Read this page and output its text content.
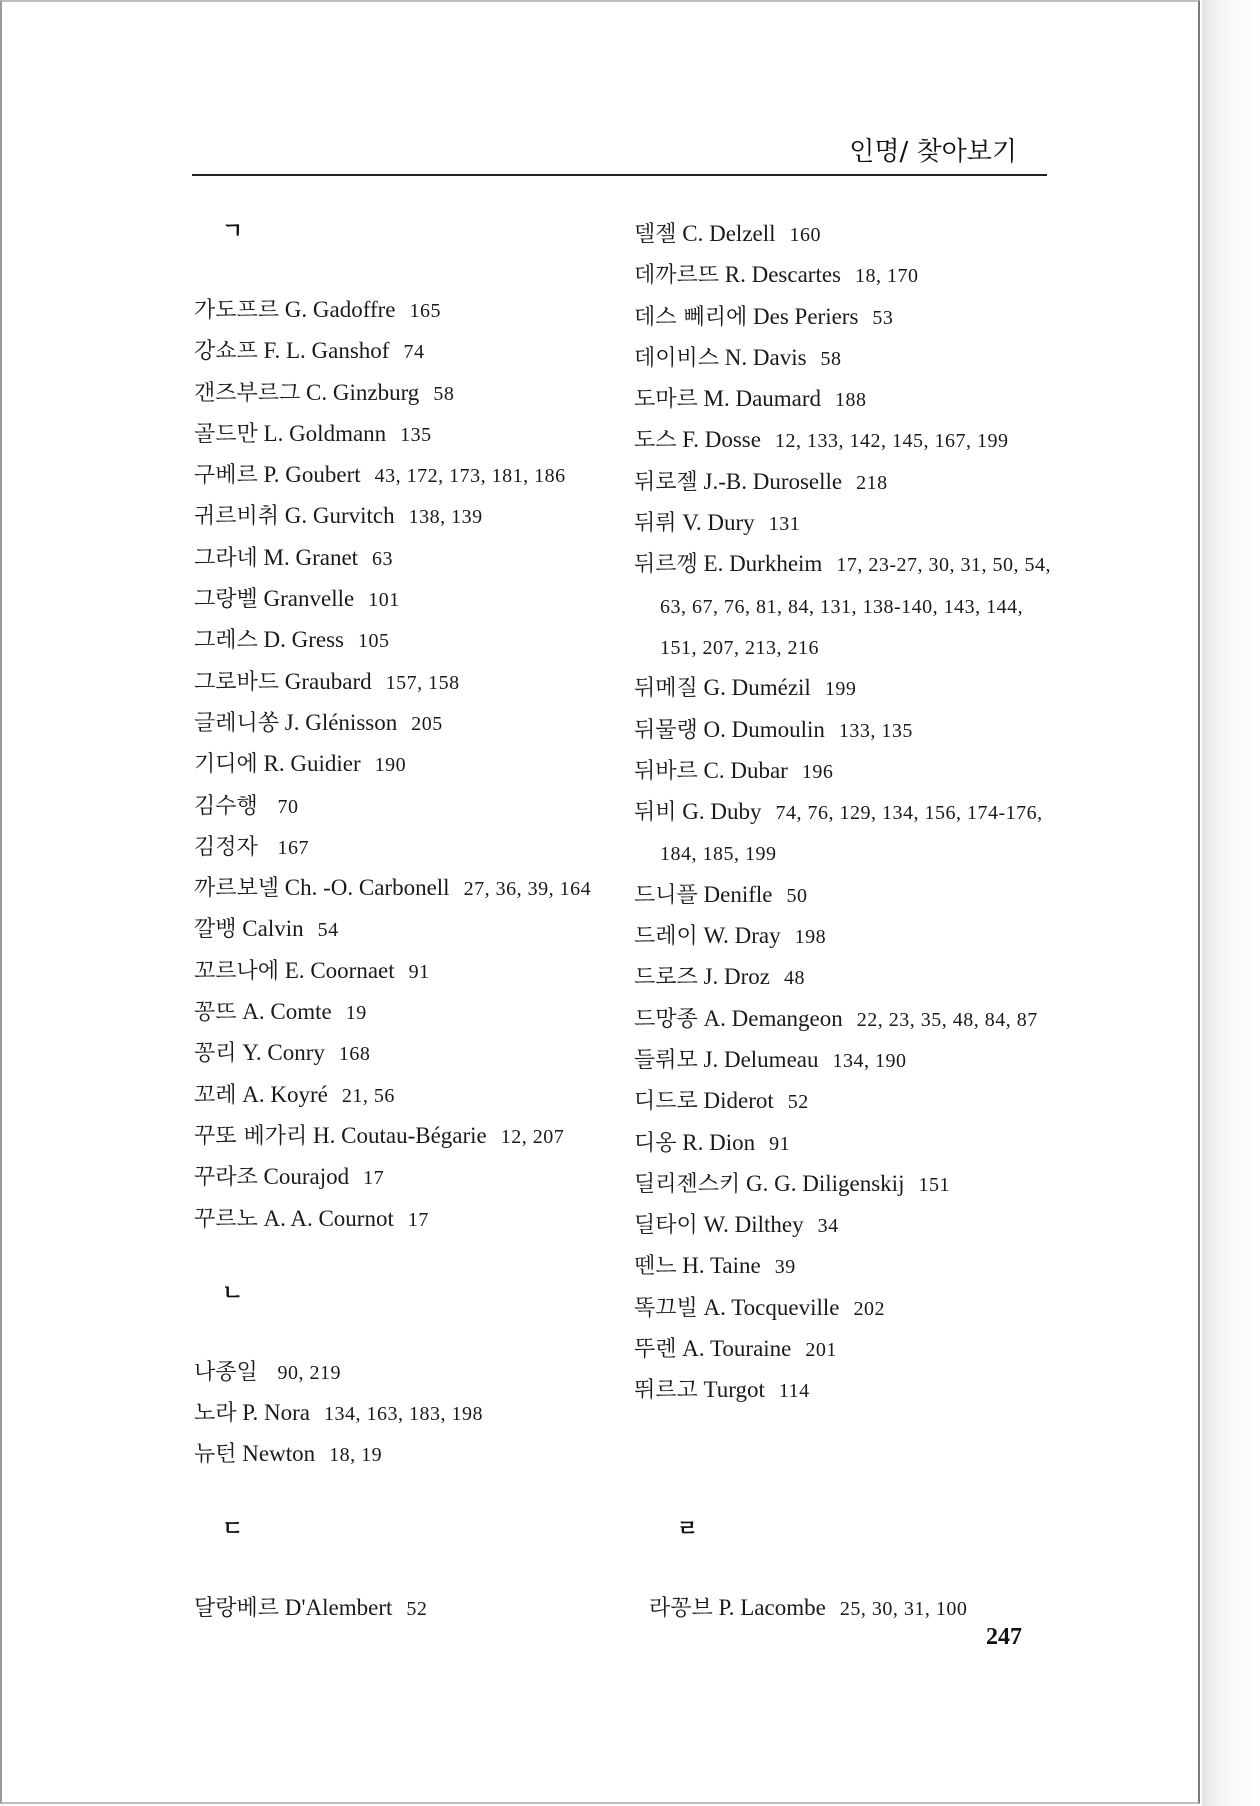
인명/ 찾아보기
ㄱ
가도프르 G. Gadoffre 165
강쇼프 F. L. Ganshof 74
갠즈부르그 C. Ginzburg 58
골드만 L. Goldmann 135
구베르 P. Goubert 43, 172, 173, 181, 186
귀르비취 G. Gurvitch 138, 139
그라네 M. Granet 63
그랑벨 Granvelle 101
그레스 D. Gress 105
그로바드 Graubard 157, 158
글레니쏭 J. Glénisson 205
기디에 R. Guidier 190
김수행 70
김정자 167
까르보넬 Ch. -O. Carbonell 27, 36, 39, 164
깔뱅 Calvin 54
꼬르나에 E. Coornaet 91
꽁뜨 A. Comte 19
꽁리 Y. Conry 168
꼬레 A. Koyré 21, 56
꾸또 베가리 H. Coutau-Bégarie 12, 207
꾸라조 Courajod 17
꾸르노 A. A. Cournot 17
ㄴ
나종일 90, 219
노라 P. Nora 134, 163, 183, 198
뉴턴 Newton 18, 19
델젤 C. Delzell 160
데까르뜨 R. Descartes 18, 170
데스 뻬리에 Des Periers 53
데이비스 N. Davis 58
도마르 M. Daumard 188
도스 F. Dosse 12, 133, 142, 145, 167, 199
뒤로젤 J.-B. Duroselle 218
뒤뤼 V. Dury 131
뒤르껭 E. Durkheim 17, 23-27, 30, 31, 50, 54, 63, 67, 76, 81, 84, 131, 138-140, 143, 144, 151, 207, 213, 216
뒤메질 G. Dumézil 199
뒤물랭 O. Dumoulin 133, 135
뒤바르 C. Dubar 196
뒤비 G. Duby 74, 76, 129, 134, 156, 174-176, 184, 185, 199
드니플 Denifle 50
드레이 W. Dray 198
드로즈 J. Droz 48
드망종 A. Demangeon 22, 23, 35, 48, 84, 87
들뤼모 J. Delumeau 134, 190
디드로 Diderot 52
디옹 R. Dion 91
딜리젠스키 G. G. Diligenskij 151
딜타이 W. Dilthey 34
뗀느 H. Taine 39
똑끄빌 A. Tocqueville 202
뚜렌 A. Touraine 201
뛰르고 Turgot 114
ㄷ
달랑베르 D'Alembert 52
ㄹ
라꽁브 P. Lacombe 25, 30, 31, 100
247
